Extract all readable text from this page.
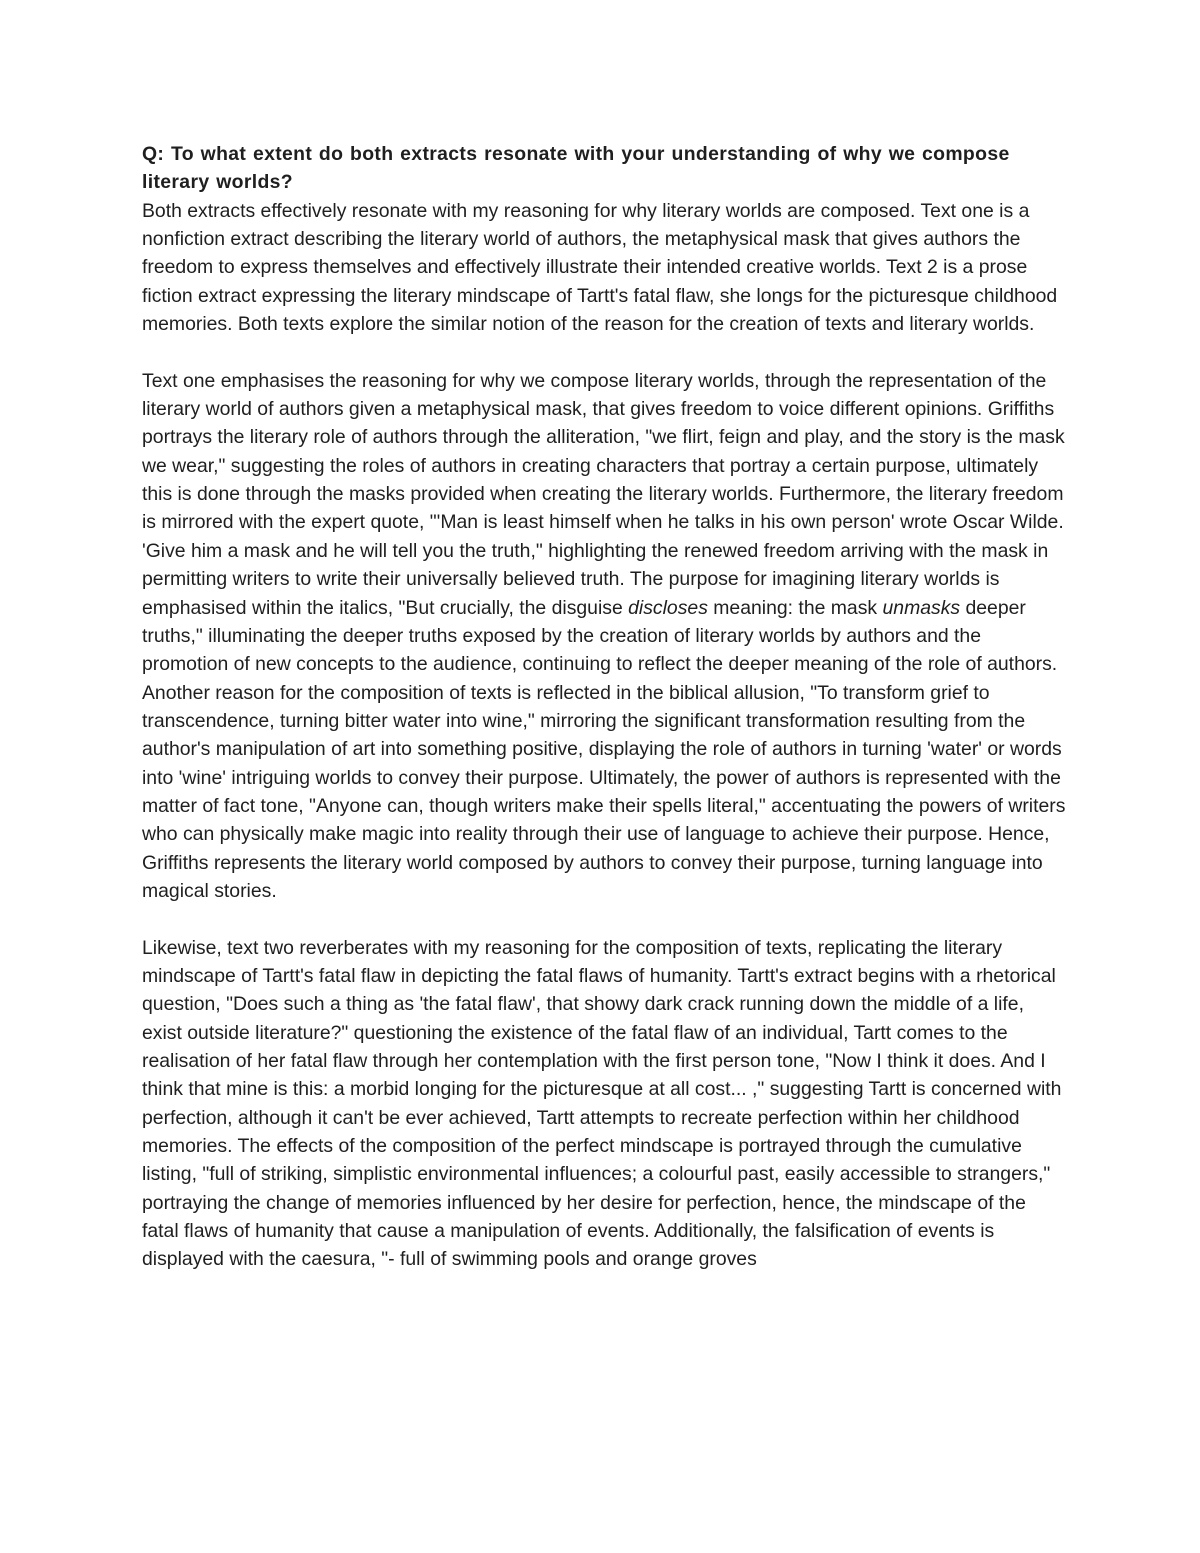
Q: To what extent do both extracts resonate with your understanding of why we compose literary worlds?

Both extracts effectively resonate with my reasoning for why literary worlds are composed. Text one is a nonfiction extract describing the literary world of authors, the metaphysical mask that gives authors the freedom to express themselves and effectively illustrate their intended creative worlds. Text 2 is a prose fiction extract expressing the literary mindscape of Tartt's fatal flaw, she longs for the picturesque childhood memories. Both texts explore the similar notion of the reason for the creation of texts and literary worlds.

Text one emphasises the reasoning for why we compose literary worlds, through the representation of the literary world of authors given a metaphysical mask, that gives freedom to voice different opinions. Griffiths portrays the literary role of authors through the alliteration, "we flirt, feign and play, and the story is the mask we wear," suggesting the roles of authors in creating characters that portray a certain purpose, ultimately this is done through the masks provided when creating the literary worlds. Furthermore, the literary freedom is mirrored with the expert quote, "'Man is least himself when he talks in his own person' wrote Oscar Wilde. 'Give him a mask and he will tell you the truth," highlighting the renewed freedom arriving with the mask in permitting writers to write their universally believed truth. The purpose for imagining literary worlds is emphasised within the italics, "But crucially, the disguise discloses meaning: the mask unmasks deeper truths," illuminating the deeper truths exposed by the creation of literary worlds by authors and the promotion of new concepts to the audience, continuing to reflect the deeper meaning of the role of authors. Another reason for the composition of texts is reflected in the biblical allusion, "To transform grief to transcendence, turning bitter water into wine," mirroring the significant transformation resulting from the author's manipulation of art into something positive, displaying the role of authors in turning 'water' or words into 'wine' intriguing worlds to convey their purpose. Ultimately, the power of authors is represented with the matter of fact tone, "Anyone can, though writers make their spells literal," accentuating the powers of writers who can physically make magic into reality through their use of language to achieve their purpose. Hence, Griffiths represents the literary world composed by authors to convey their purpose, turning language into magical stories.

Likewise, text two reverberates with my reasoning for the composition of texts, replicating the literary mindscape of Tartt's fatal flaw in depicting the fatal flaws of humanity. Tartt's extract begins with a rhetorical question, "Does such a thing as 'the fatal flaw', that showy dark crack running down the middle of a life, exist outside literature?" questioning the existence of the fatal flaw of an individual, Tartt comes to the realisation of her fatal flaw through her contemplation with the first person tone, "Now I think it does. And I think that mine is this: a morbid longing for the picturesque at all cost... ," suggesting Tartt is concerned with perfection, although it can't be ever achieved, Tartt attempts to recreate perfection within her childhood memories. The effects of the composition of the perfect mindscape is portrayed through the cumulative listing, "full of striking, simplistic environmental influences; a colourful past, easily accessible to strangers," portraying the change of memories influenced by her desire for perfection, hence, the mindscape of the fatal flaws of humanity that cause a manipulation of events. Additionally, the falsification of events is displayed with the caesura, "- full of swimming pools and orange groves
